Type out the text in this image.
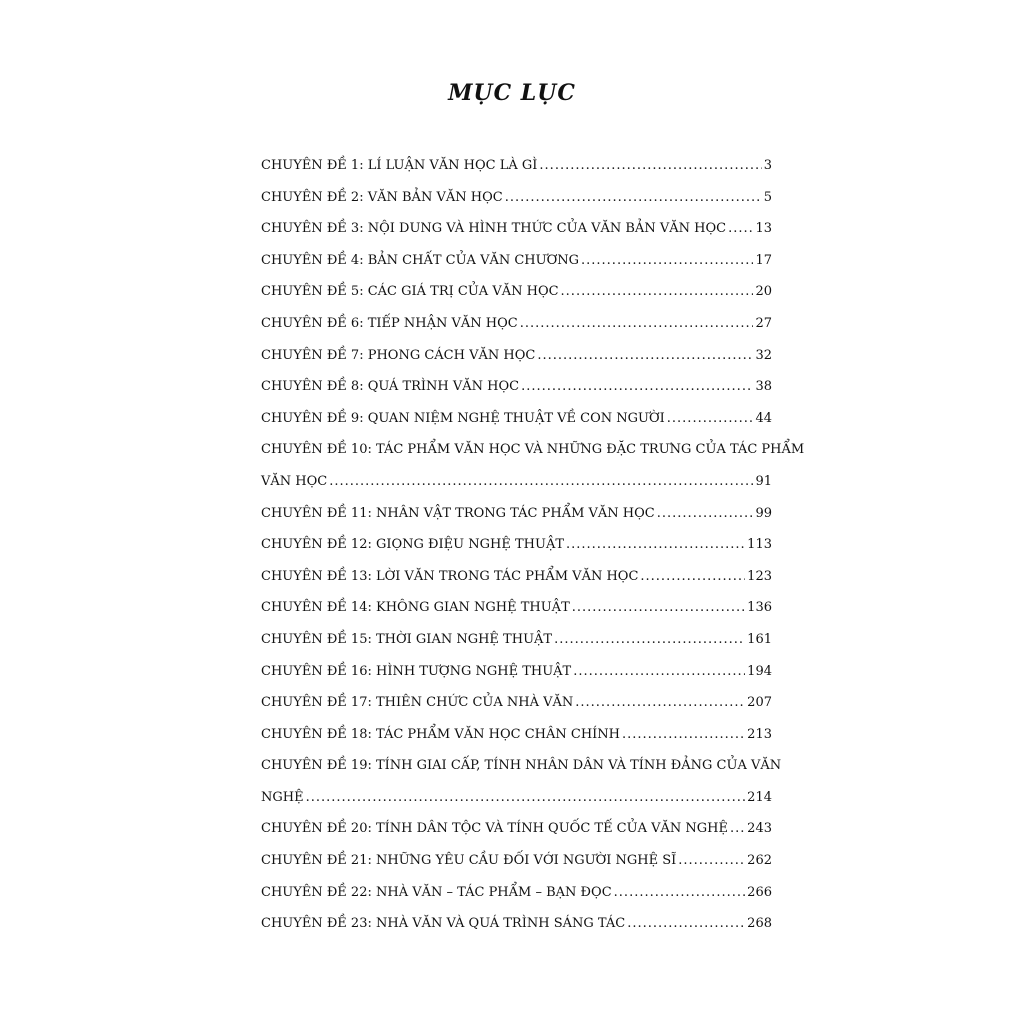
MỤC LỤC
CHUYÊN ĐỀ 1: LÍ LUẬN VĂN HỌC LÀ GÌ .....	3
CHUYÊN ĐỀ 2: VĂN BẢN VĂN HỌC .....	5
CHUYÊN ĐỀ 3: NỘI DUNG VÀ HÌNH THỨC CỦA VĂN BẢN VĂN HỌC ..... 13
CHUYÊN ĐỀ 4: BẢN CHẤT CỦA VĂN CHƯƠNG .....	17
CHUYÊN ĐỀ 5: CÁC GIÁ TRỊ CỦA VĂN HỌC .....	20
CHUYÊN ĐỀ 6: TIẾP NHẬN VĂN HỌC .....	27
CHUYÊN ĐỀ 7: PHONG CÁCH VĂN HỌC .....	32
CHUYÊN ĐỀ 8: QUÁ TRÌNH VĂN HỌC .....	38
CHUYÊN ĐỀ 9: QUAN NIỆM NGHỆ THUẬT VỀ CON NGƯỜI .....	44
CHUYÊN ĐỀ 10: TÁC PHẨM VĂN HỌC VÀ NHỮNG ĐẶC TRƯNG CỦA TÁC PHẨM
VĂN HỌC .....	91
CHUYÊN ĐỀ 11: NHÂN VẬT TRONG TÁC PHẨM VĂN HỌC .....	99
CHUYÊN ĐỀ 12: GIỌNG ĐIỆU NGHỆ THUẬT .....	113
CHUYÊN ĐỀ 13: LỜI VĂN TRONG TÁC PHẨM VĂN HỌC .....	123
CHUYÊN ĐỀ 14: KHÔNG GIAN NGHỆ THUẬT .....	136
CHUYÊN ĐỀ 15: THỜI GIAN NGHỆ THUẬT .....	161
CHUYÊN ĐỀ 16: HÌNH TƯỢNG NGHỆ THUẬT .....	194
CHUYÊN ĐỀ 17: THIÊN CHỨC CỦA NHÀ VĂN .....	207
CHUYÊN ĐỀ 18: TÁC PHẨM VĂN HỌC CHÂN CHÍNH .....	213
CHUYÊN ĐỀ 19: TÍNH GIAI CẤP, TÍNH NHÂN DÂN VÀ TÍNH ĐẢNG CỦA VĂN
NGHỆ .....	214
CHUYÊN ĐỀ 20: TÍNH DÂN TỘC VÀ TÍNH QUỐC TẾ CỦA VĂN NGHỆ ..... 243
CHUYÊN ĐỀ 21: NHỮNG YÊU CẦU ĐỐI VỚI NGƯỜI NGHỆ SĨ .....	262
CHUYÊN ĐỀ 22: NHÀ VĂN – TÁC PHẨM – BẠN ĐỌC .....	266
CHUYÊN ĐỀ 23: NHÀ VĂN VÀ QUÁ TRÌNH SÁNG TÁC .....	268
